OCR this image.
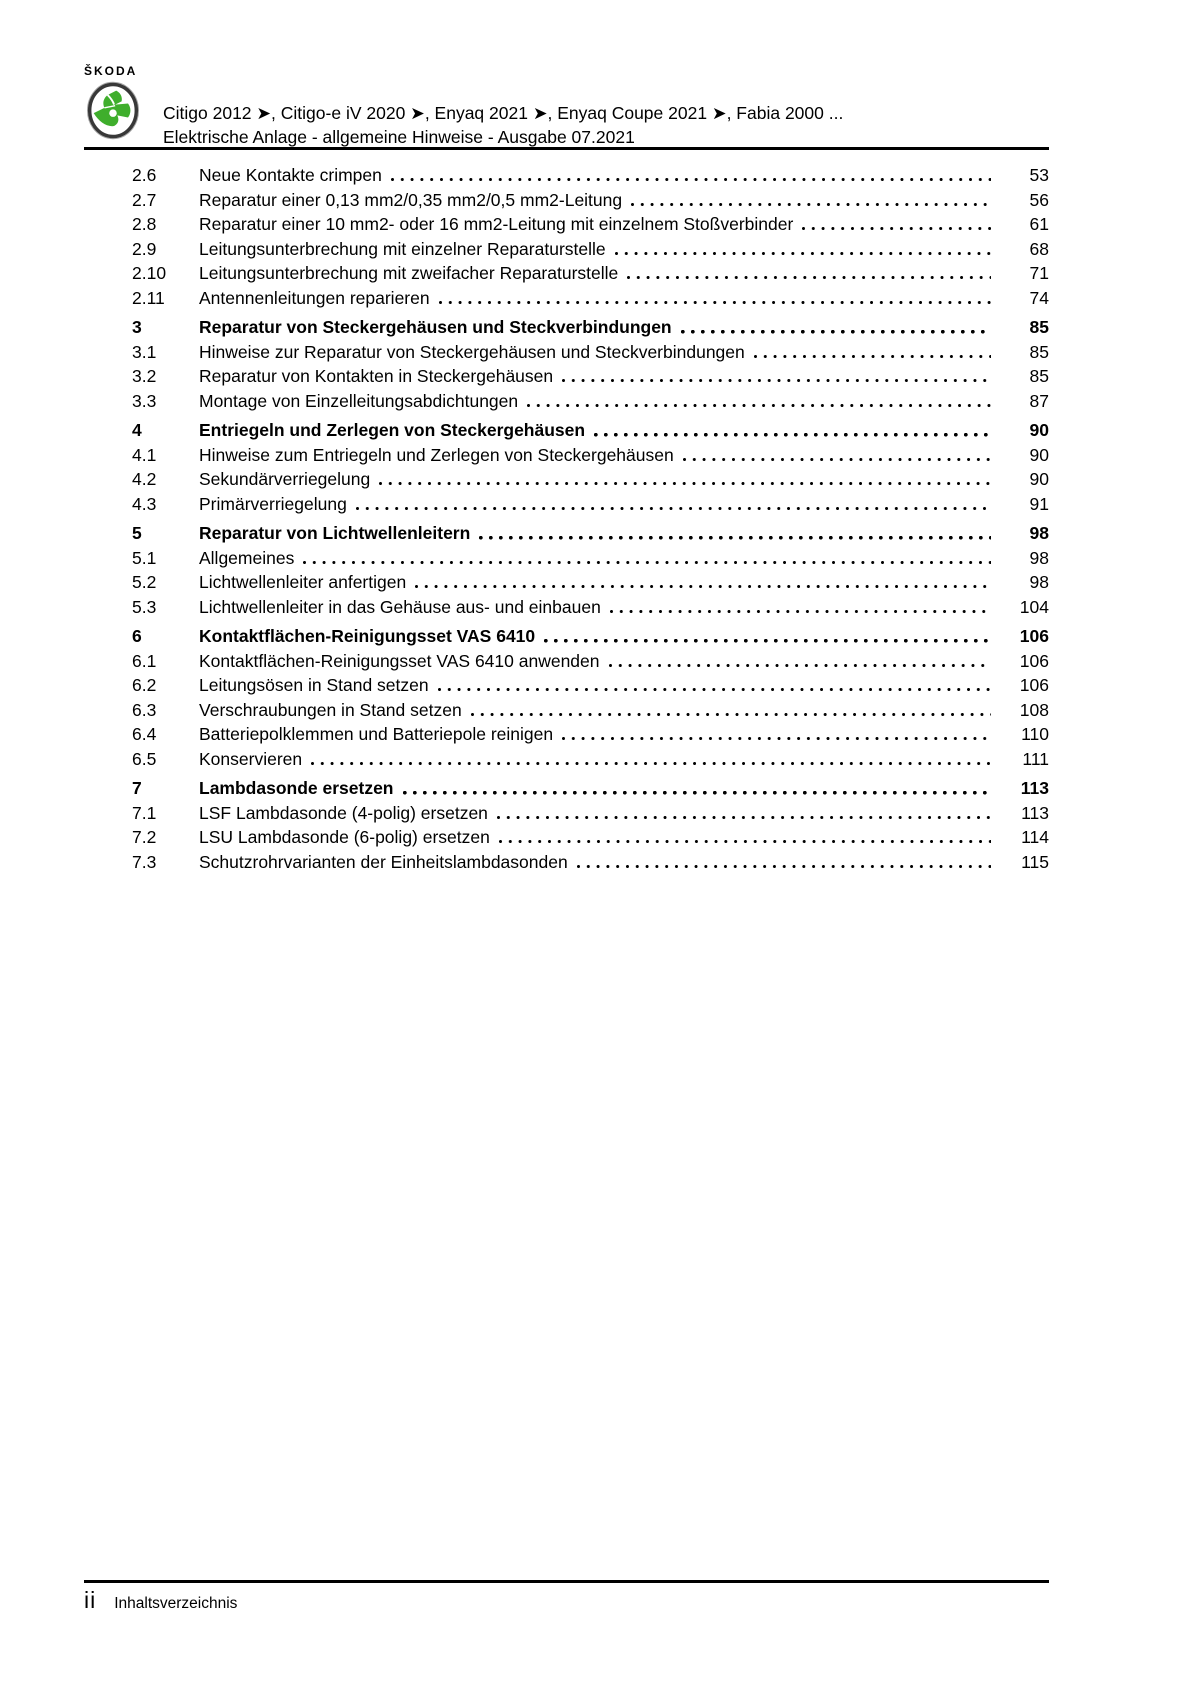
ŠKODA
Citigo 2012 ➤, Citigo-e iV 2020 ➤, Enyaq 2021 ➤, Enyaq Coupe 2021 ➤, Fabia 2000 ...
Elektrische Anlage - allgemeine Hinweise - Ausgabe 07.2021
2.6	Neue Kontakte crimpen	53
2.7	Reparatur einer 0,13 mm2/0,35 mm2/0,5 mm2-Leitung	56
2.8	Reparatur einer 10 mm2- oder 16 mm2-Leitung mit einzelnem Stoßverbinder	61
2.9	Leitungsunterbrechung mit einzelner Reparaturstelle	68
2.10	Leitungsunterbrechung mit zweifacher Reparaturstelle	71
2.11	Antennenleitungen reparieren	74
3	Reparatur von Steckergehäusen und Steckverbindungen	85
3.1	Hinweise zur Reparatur von Steckergehäusen und Steckverbindungen	85
3.2	Reparatur von Kontakten in Steckergehäusen	85
3.3	Montage von Einzelleitungsabdichtungen	87
4	Entriegeln und Zerlegen von Steckergehäusen	90
4.1	Hinweise zum Entriegeln und Zerlegen von Steckergehäusen	90
4.2	Sekundärverriegelung	90
4.3	Primärverriegelung	91
5	Reparatur von Lichtwellenleitern	98
5.1	Allgemeines	98
5.2	Lichtwellenleiter anfertigen	98
5.3	Lichtwellenleiter in das Gehäuse aus- und einbauen	104
6	Kontaktflächen-Reinigungsset VAS 6410	106
6.1	Kontaktflächen-Reinigungsset VAS 6410 anwenden	106
6.2	Leitungsösen in Stand setzen	106
6.3	Verschraubungen in Stand setzen	108
6.4	Batteriepolklemmen und Batteriepole reinigen	110
6.5	Konservieren	111
7	Lambdasonde ersetzen	113
7.1	LSF Lambdasonde (4-polig) ersetzen	113
7.2	LSU Lambdasonde (6-polig) ersetzen	114
7.3	Schutzrohrvarianten der Einheitslambdasonden	115
ii Inhaltsverzeichnis
